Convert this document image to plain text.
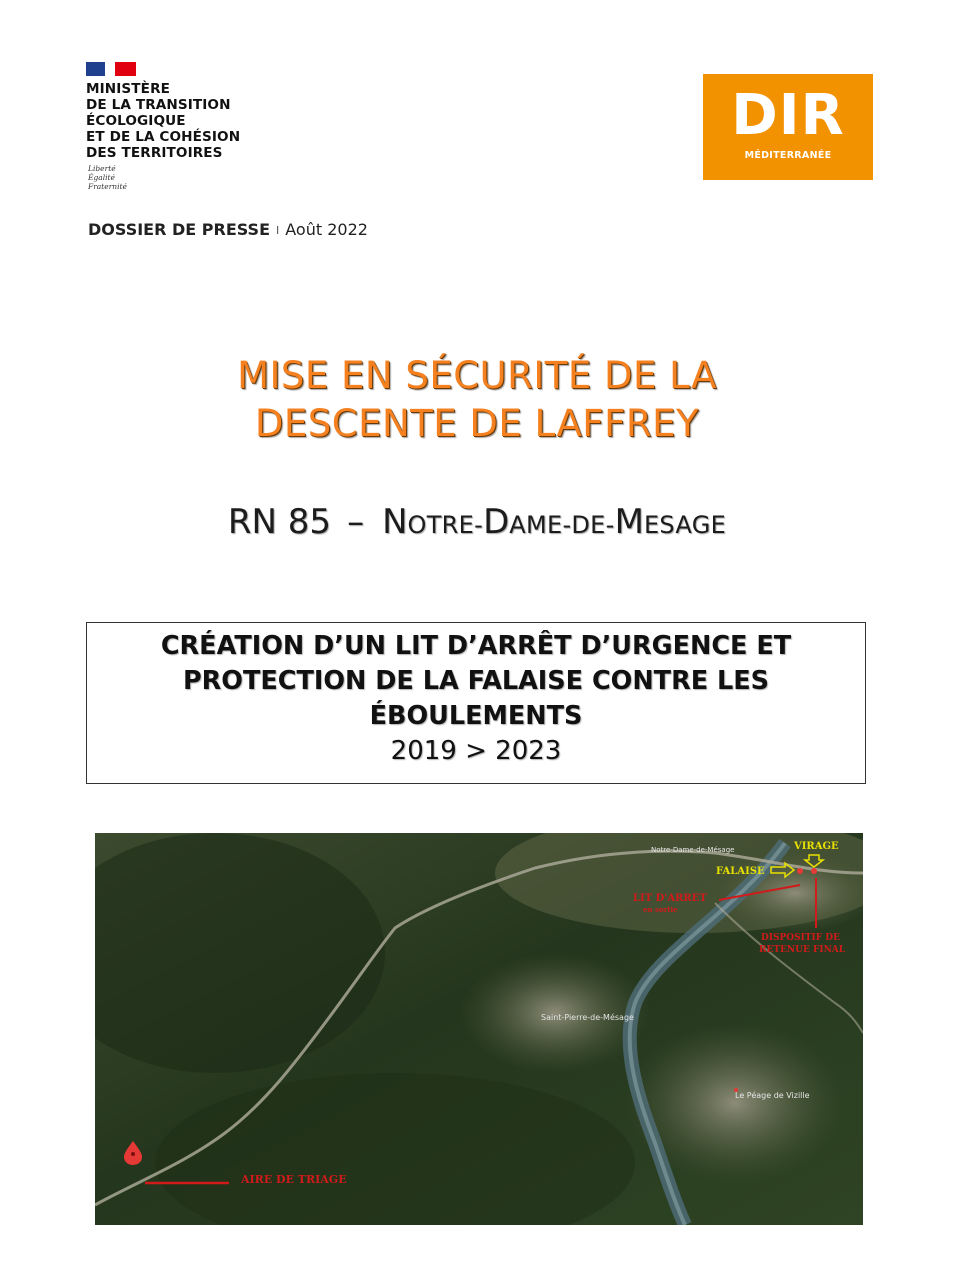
MINISTÈRE
DE LA TRANSITION
ÉCOLOGIQUE
ET DE LA COHÉSION
DES TERRITOIRES
Liberté
Égalité
Fraternité
DIR
MÉDITERRANÉE
DOSSIER DE PRESSE I Août 2022
MISE EN SÉCURITÉ DE LA
DESCENTE DE LAFFREY
RN 85 – NOTRE-DAME-DE-MESAGE
CRÉATION D’UN LIT D’ARRÊT D’URGENCE ET
PROTECTION DE LA FALAISE CONTRE LES
ÉBOULEMENTS
2019 > 2023
VIRAGE
FALAISE
LIT D'ARRET
en sortie
DISPOSITIF DE
RETENUE FINAL
AIRE DE TRIAGE
Notre-Dame-de-Mésage
Saint-Pierre-de-Mésage
Le Péage de Vizille
